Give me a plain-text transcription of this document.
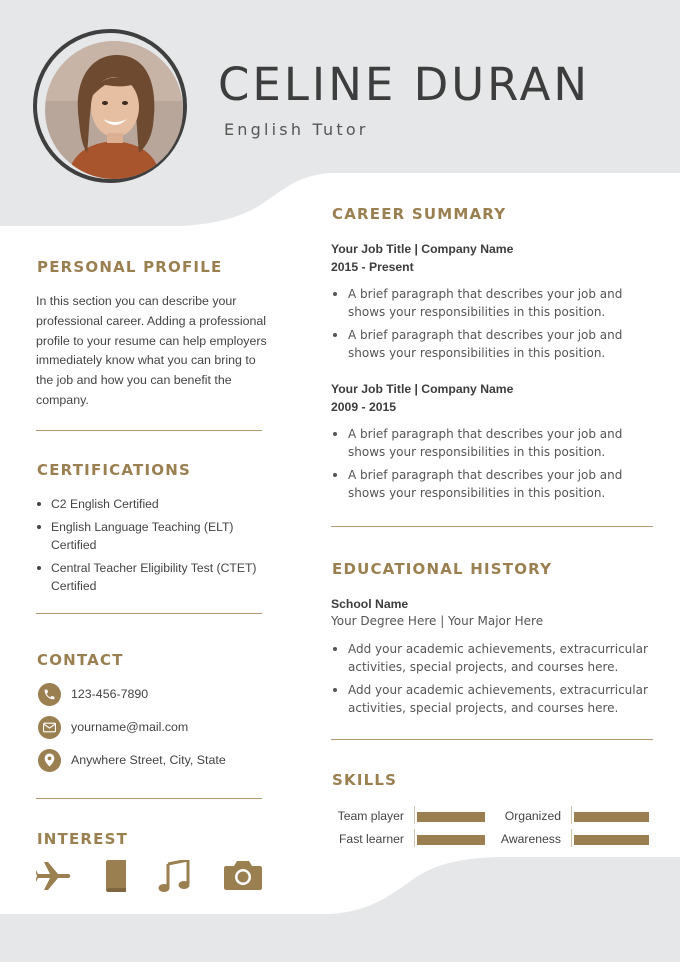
CELINE DURAN
English Tutor
PERSONAL PROFILE
In this section you can describe your professional career. Adding a professional profile to your resume can help employers immediately know what you can bring to the job and how you can benefit the company.
CERTIFICATIONS
C2 English Certified
English Language Teaching (ELT) Certified
Central Teacher Eligibility Test (CTET) Certified
CONTACT
123-456-7890
yourname@mail.com
Anywhere Street, City, State
INTEREST
CAREER SUMMARY
Your Job Title | Company Name
2015 - Present
A brief paragraph that describes your job and shows your responsibilities in this position.
A brief paragraph that describes your job and shows your responsibilities in this position.
Your Job Title | Company Name
2009 - 2015
A brief paragraph that describes your job and shows your responsibilities in this position.
A brief paragraph that describes your job and shows your responsibilities in this position.
EDUCATIONAL HISTORY
School Name
Your Degree Here | Your Major Here
Add your academic achievements, extracurricular activities, special projects, and courses here.
Add your academic achievements, extracurricular activities, special projects, and courses here.
SKILLS
Team player	Organized
Fast learner	Awareness
